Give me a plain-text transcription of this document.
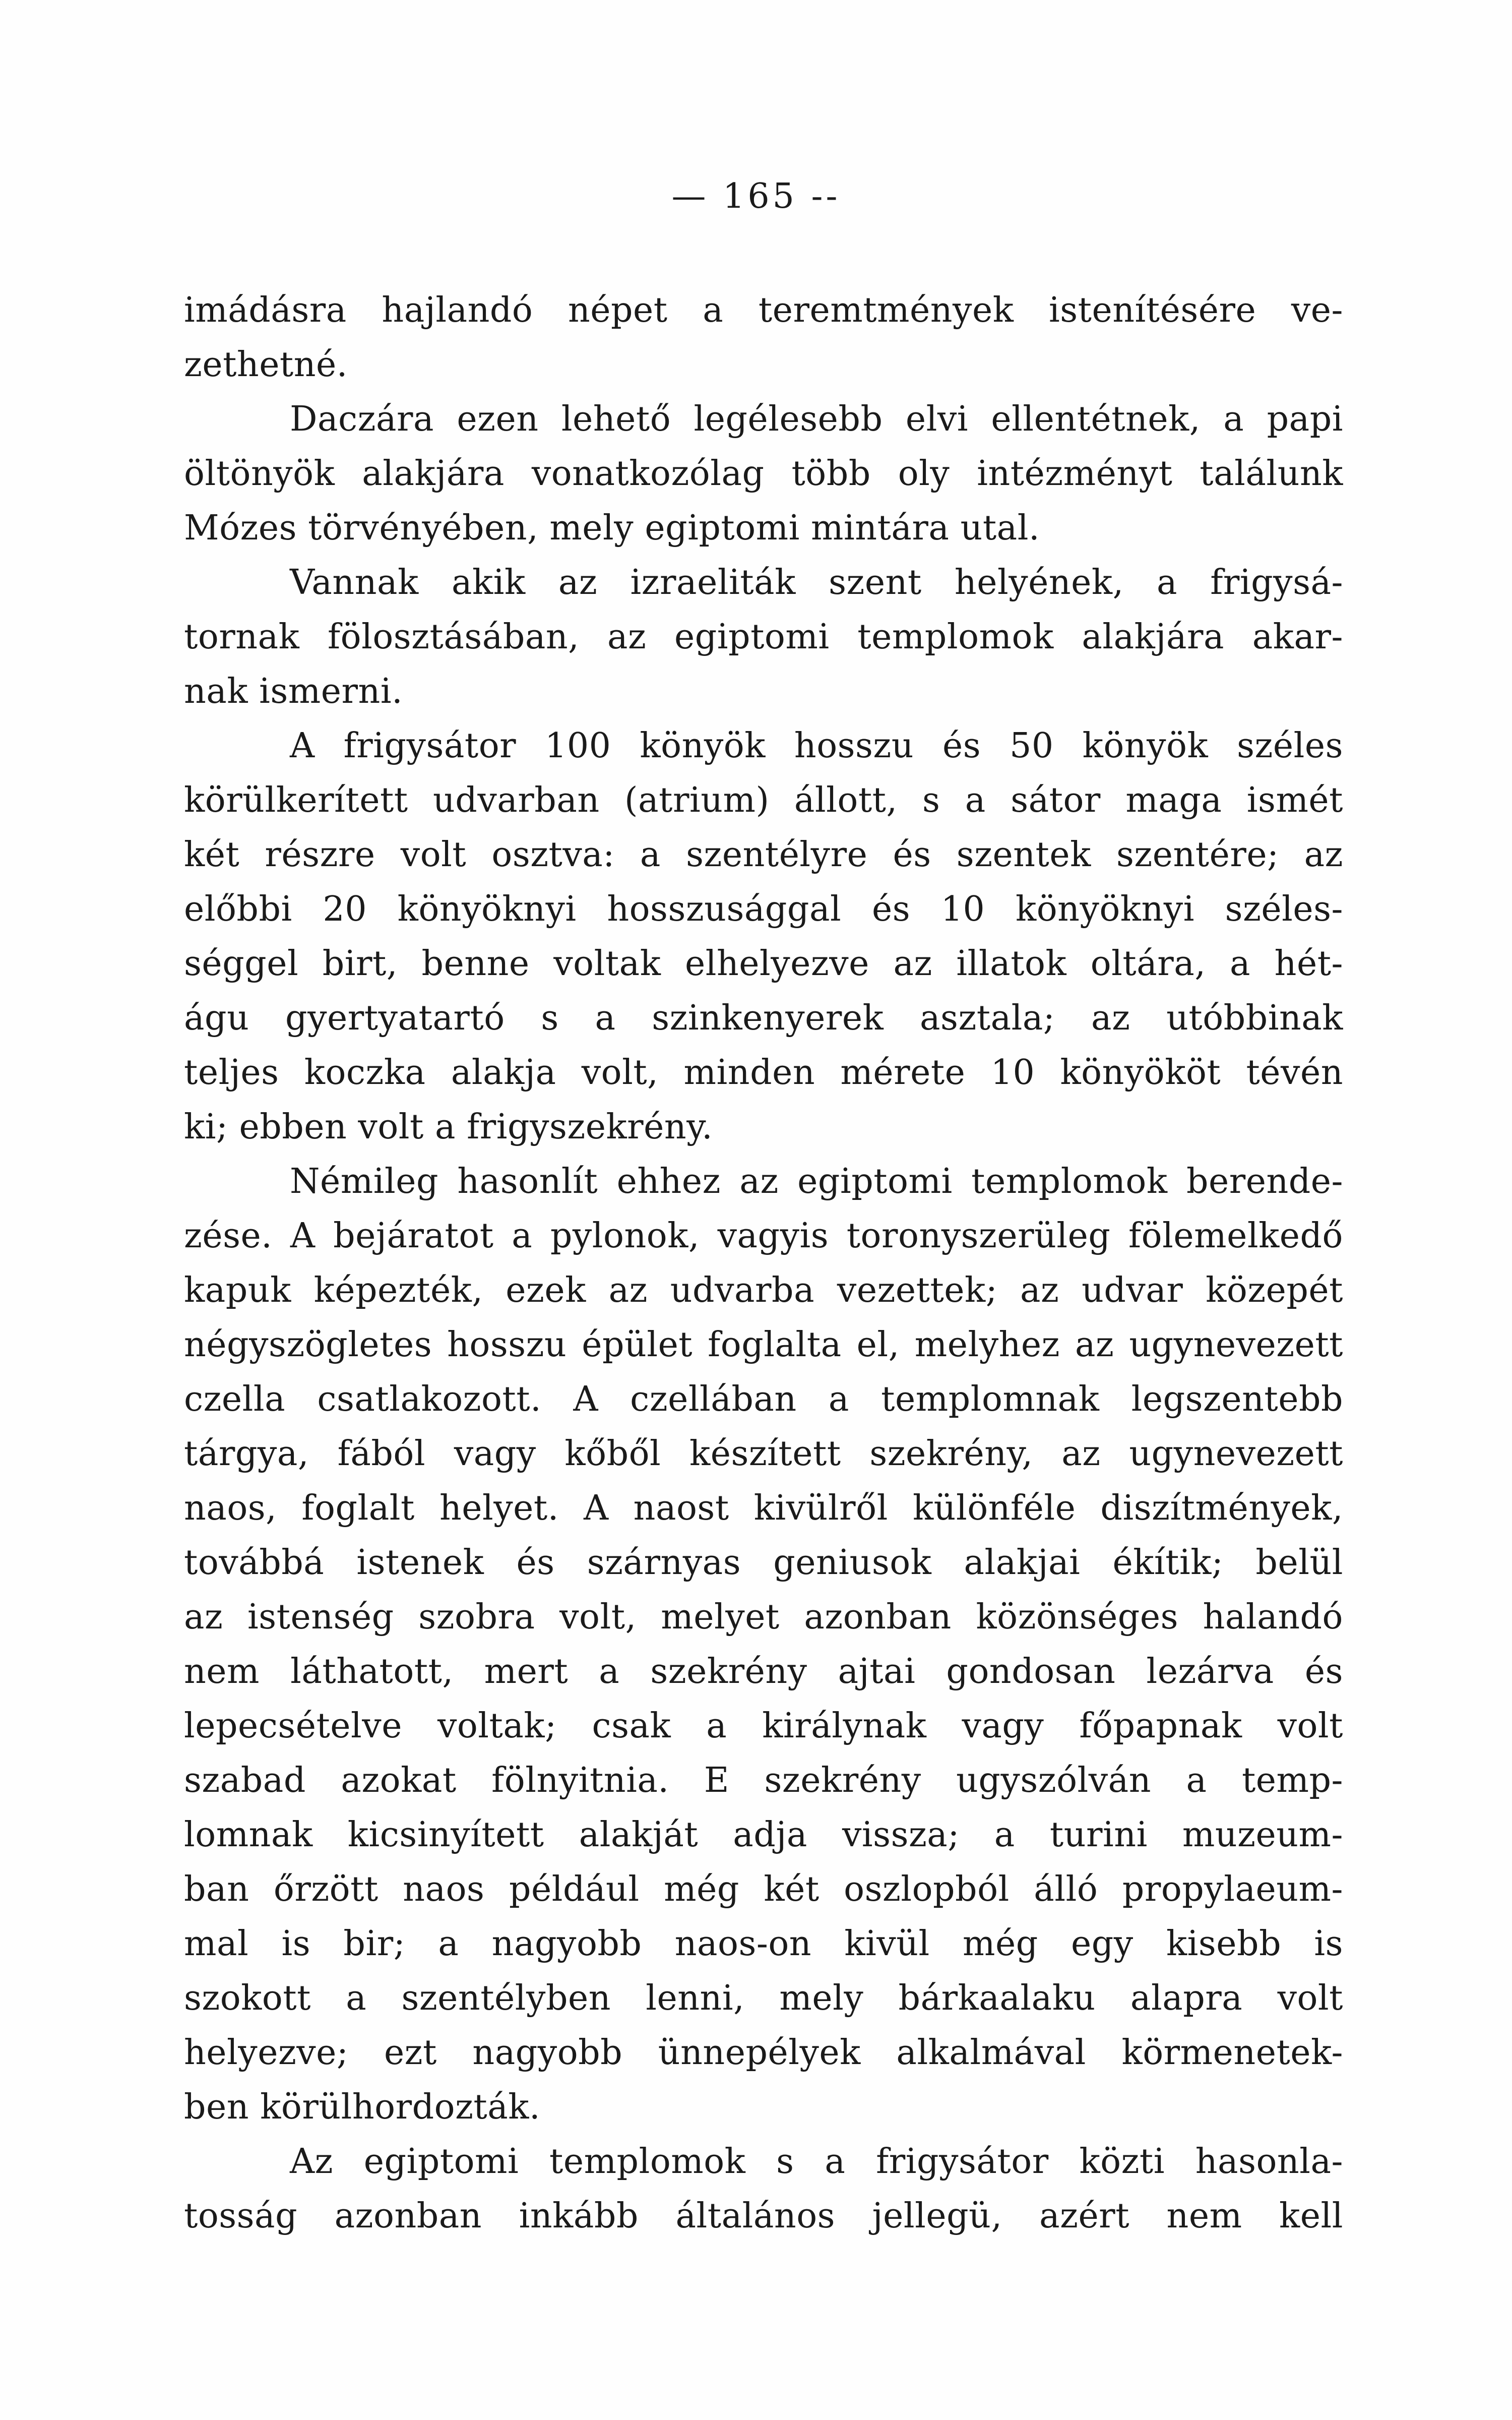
— 165 --
imádásra hajlandó népet a teremtmények istenítésére ve-
zethetné.
Daczára ezen lehető legélesebb elvi ellentétnek, a papi
öltönyök alakjára vonatkozólag több oly intézményt találunk
Mózes törvényében, mely egiptomi mintára utal.
Vannak akik az izraeliták szent helyének, a frigysá-
tornak fölosztásában, az egiptomi templomok alakjára akar-
nak ismerni.
A frigysátor 100 könyök hosszu és 50 könyök széles
körülkerített udvarban (atrium) állott, s a sátor maga ismét
két részre volt osztva: a szentélyre és szentek szentére; az
előbbi 20 könyöknyi hosszusággal és 10 könyöknyi széles-
séggel birt, benne voltak elhelyezve az illatok oltára, a hét-
águ gyertyatartó s a szinkenyerek asztala; az utóbbinak
teljes koczka alakja volt, minden mérete 10 könyököt tévén
ki; ebben volt a frigyszekrény.
Némileg hasonlít ehhez az egiptomi templomok berende-
zése. A bejáratot a pylonok, vagyis toronyszerüleg fölemelkedő
kapuk képezték, ezek az udvarba vezettek; az udvar közepét
négyszögletes hosszu épület foglalta el, melyhez az ugynevezett
czella csatlakozott. A czellában a templomnak legszentebb
tárgya, fából vagy kőből készített szekrény, az ugynevezett
naos, foglalt helyet. A naost kivülről különféle diszítmények,
továbbá istenek és szárnyas geniusok alakjai ékítik; belül
az istenség szobra volt, melyet azonban közönséges halandó
nem láthatott, mert a szekrény ajtai gondosan lezárva és
lepecsételve voltak; csak a királynak vagy főpapnak volt
szabad azokat fölnyitnia. E szekrény ugyszólván a temp-
lomnak kicsinyített alakját adja vissza; a turini muzeum-
ban őrzött naos például még két oszlopból álló propylaeum-
mal is bir; a nagyobb naos-on kivül még egy kisebb is
szokott a szentélyben lenni, mely bárkaalaku alapra volt
helyezve; ezt nagyobb ünnepélyek alkalmával körmenetek-
ben körülhordozták.
Az egiptomi templomok s a frigysátor közti hasonla-
tosság azonban inkább általános jellegü, azért nem kell
